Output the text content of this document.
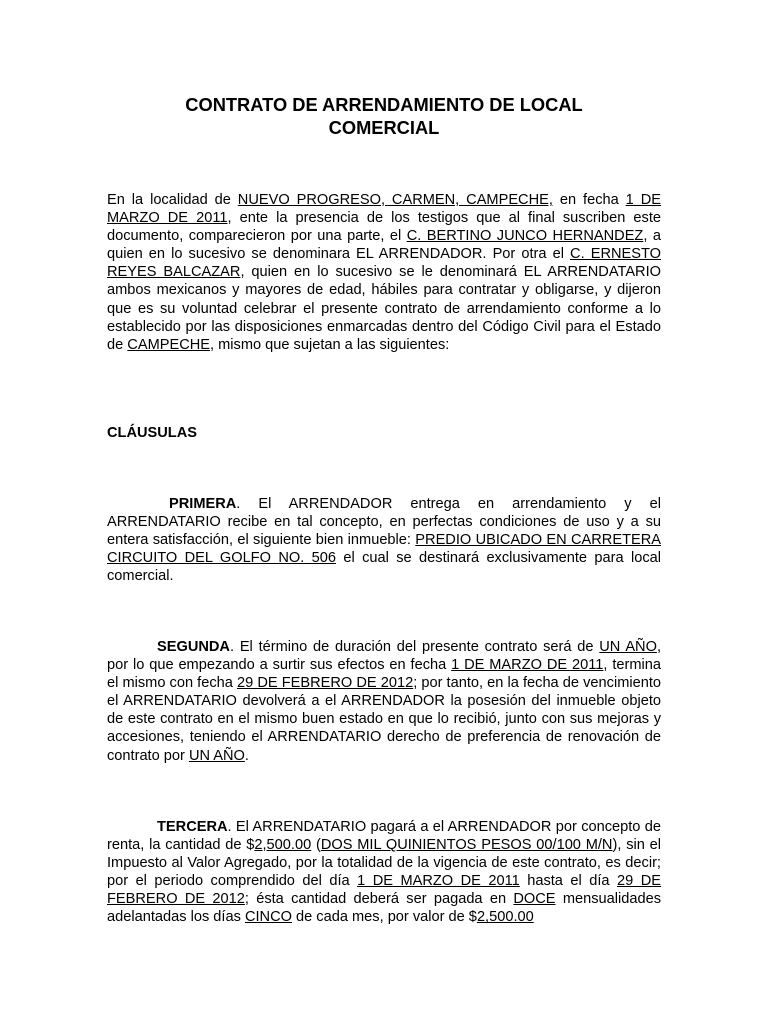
CONTRATO DE ARRENDAMIENTO DE LOCAL
COMERCIAL

En la localidad de NUEVO PROGRESO, CARMEN, CAMPECHE, en fecha 1 DE MARZO DE 2011, ente la presencia de los testigos que al final suscriben este documento, comparecieron por una parte, el C. BERTINO JUNCO HERNANDEZ, a quien en lo sucesivo se denominara EL ARRENDADOR. Por otra el C. ERNESTO REYES BALCAZAR, quien en lo sucesivo se le denominará EL ARRENDATARIO ambos mexicanos y mayores de edad, hábiles para contratar y obligarse, y dijeron que es su voluntad celebrar el presente contrato de arrendamiento conforme a lo establecido por las disposiciones enmarcadas dentro del Código Civil para el Estado de CAMPECHE, mismo que sujetan a las siguientes:

CLÁUSULAS

PRIMERA. El ARRENDADOR entrega en arrendamiento y el ARRENDATARIO recibe en tal concepto, en perfectas condiciones de uso y a su entera satisfacción, el siguiente bien inmueble: PREDIO UBICADO EN CARRETERA CIRCUITO DEL GOLFO NO. 506 el cual se destinará exclusivamente para local comercial.

SEGUNDA. El término de duración del presente contrato será de UN AÑO, por lo que empezando a surtir sus efectos en fecha 1 DE MARZO DE 2011, termina el mismo con fecha 29 DE FEBRERO DE 2012; por tanto, en la fecha de vencimiento el ARRENDATARIO devolverá a el ARRENDADOR la posesión del inmueble objeto de este contrato en el mismo buen estado en que lo recibió, junto con sus mejoras y accesiones, teniendo el ARRENDATARIO derecho de preferencia de renovación de contrato por UN AÑO.

TERCERA. El ARRENDATARIO pagará a el ARRENDADOR por concepto de renta, la cantidad de $2,500.00 (DOS MIL QUINIENTOS PESOS 00/100 M/N), sin el Impuesto al Valor Agregado, por la totalidad de la vigencia de este contrato, es decir; por el periodo comprendido del día 1 DE MARZO DE 2011 hasta el día 29 DE FEBRERO DE 2012; ésta cantidad deberá ser pagada en DOCE mensualidades adelantadas los días CINCO de cada mes, por valor de $2,500.00
